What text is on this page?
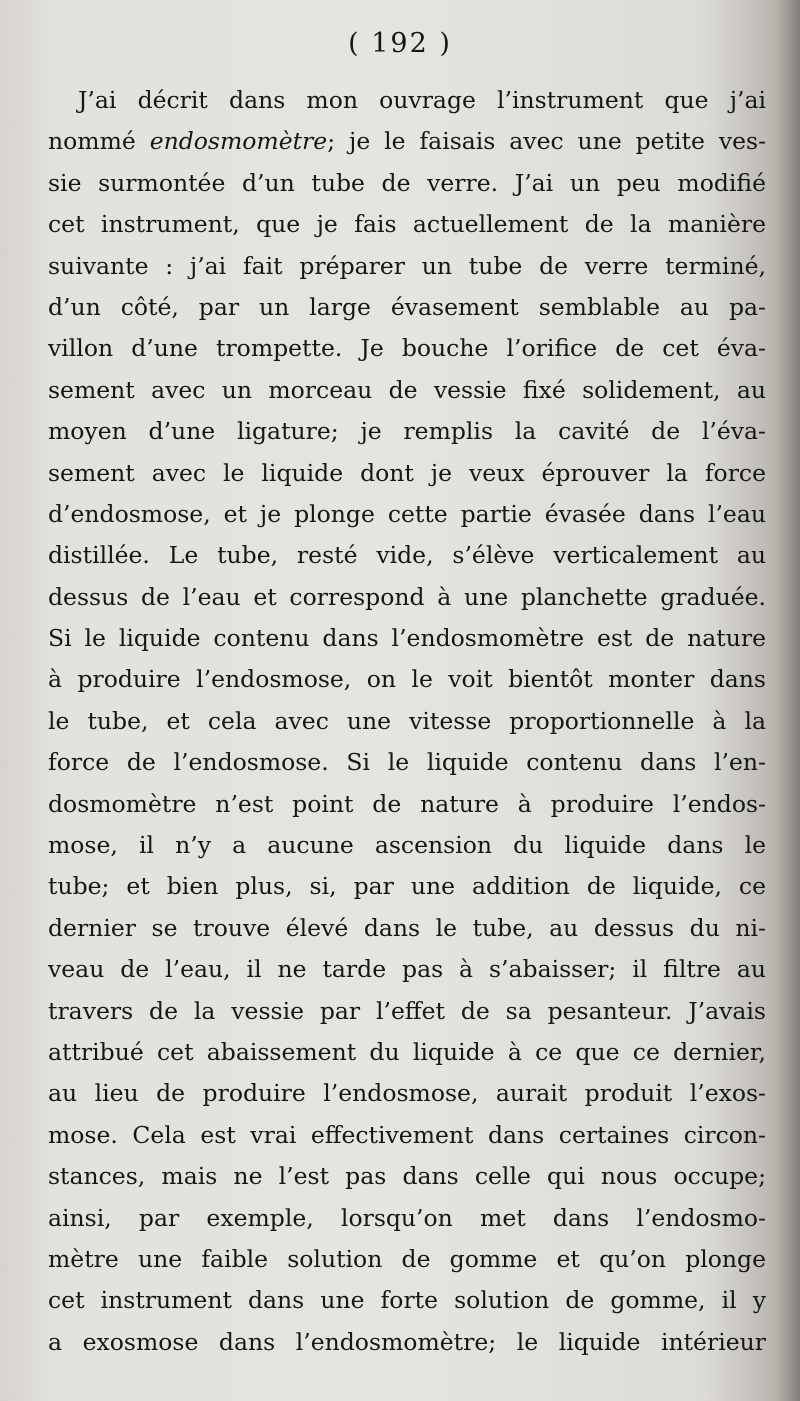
( 192 )
J’ai décrit dans mon ouvrage l’instrument que j’ai
nommé endosmomètre; je le faisais avec une petite ves-
sie surmontée d’un tube de verre. J’ai un peu modifié
cet instrument, que je fais actuellement de la manière
suivante : j’ai fait préparer un tube de verre terminé,
d’un côté, par un large évasement semblable au pa-
villon d’une trompette. Je bouche l’orifice de cet éva-
sement avec un morceau de vessie fixé solidement, au
moyen d’une ligature; je remplis la cavité de l’éva-
sement avec le liquide dont je veux éprouver la force
d’endosmose, et je plonge cette partie évasée dans l’eau
distillée. Le tube, resté vide, s’élève verticalement au
dessus de l’eau et correspond à une planchette graduée.
Si le liquide contenu dans l’endosmomètre est de nature
à produire l’endosmose, on le voit bientôt monter dans
le tube, et cela avec une vitesse proportionnelle à la
force de l’endosmose. Si le liquide contenu dans l’en-
dosmomètre n’est point de nature à produire l’endos-
mose, il n’y a aucune ascension du liquide dans le
tube; et bien plus, si, par une addition de liquide, ce
dernier se trouve élevé dans le tube, au dessus du ni-
veau de l’eau, il ne tarde pas à s’abaisser; il filtre au
travers de la vessie par l’effet de sa pesanteur. J’avais
attribué cet abaissement du liquide à ce que ce dernier,
au lieu de produire l’endosmose, aurait produit l’exos-
mose. Cela est vrai effectivement dans certaines circon-
stances, mais ne l’est pas dans celle qui nous occupe;
ainsi, par exemple, lorsqu’on met dans l’endosmo-
mètre une faible solution de gomme et qu’on plonge
cet instrument dans une forte solution de gomme, il y
a exosmose dans l’endosmomètre; le liquide intérieur
